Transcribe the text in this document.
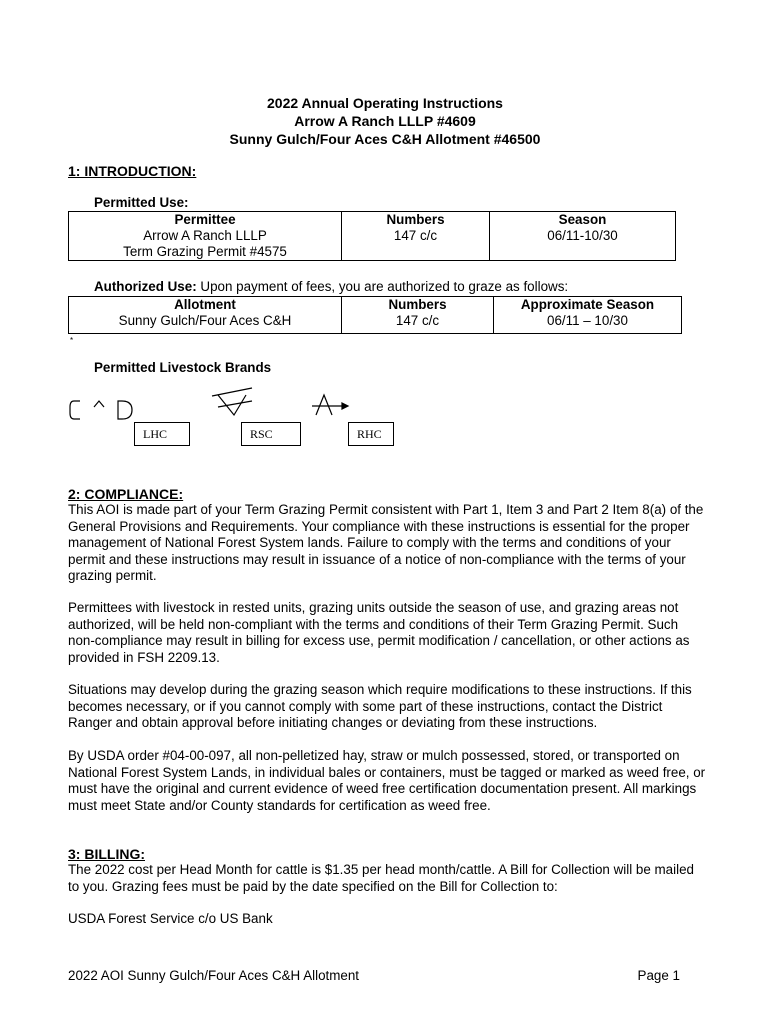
2022 Annual Operating Instructions
Arrow A Ranch LLLP #4609
Sunny Gulch/Four Aces C&H Allotment #46500
1: INTRODUCTION:
Permitted Use:
Permittee	Numbers	Season

Arrow A Ranch LLLP
Term Grazing Permit #4575	147 c/c	06/11-10/30
Authorized Use: Upon payment of fees, you are authorized to graze as follows:
Allotment	Numbers	Approximate Season
Sunny Gulch/Four Aces C&H	147 c/c	06/11 – 10/30
*
Permitted Livestock Brands
LHC	RSC	RHC
2: COMPLIANCE:
This AOI is made part of your Term Grazing Permit consistent with Part 1, Item 3 and Part 2 Item 8(a) of the General Provisions and Requirements. Your compliance with these instructions is essential for the proper management of National Forest System lands. Failure to comply with the terms and conditions of your permit and these instructions may result in issuance of a notice of non-compliance with the terms of your grazing permit.
Permittees with livestock in rested units, grazing units outside the season of use, and grazing areas not authorized, will be held non-compliant with the terms and conditions of their Term Grazing Permit. Such non-compliance may result in billing for excess use, permit modification / cancellation, or other actions as provided in FSH 2209.13.
Situations may develop during the grazing season which require modifications to these instructions. If this becomes necessary, or if you cannot comply with some part of these instructions, contact the District Ranger and obtain approval before initiating changes or deviating from these instructions.
By USDA order #04-00-097, all non-pelletized hay, straw or mulch possessed, stored, or transported on National Forest System Lands, in individual bales or containers, must be tagged or marked as weed free, or must have the original and current evidence of weed free certification documentation present. All markings must meet State and/or County standards for certification as weed free.
3: BILLING:
The 2022 cost per Head Month for cattle is $1.35 per head month/cattle. A Bill for Collection will be mailed to you. Grazing fees must be paid by the date specified on the Bill for Collection to:
USDA Forest Service c/o US Bank
2022 AOI Sunny Gulch/Four Aces C&H Allotment	Page 1
